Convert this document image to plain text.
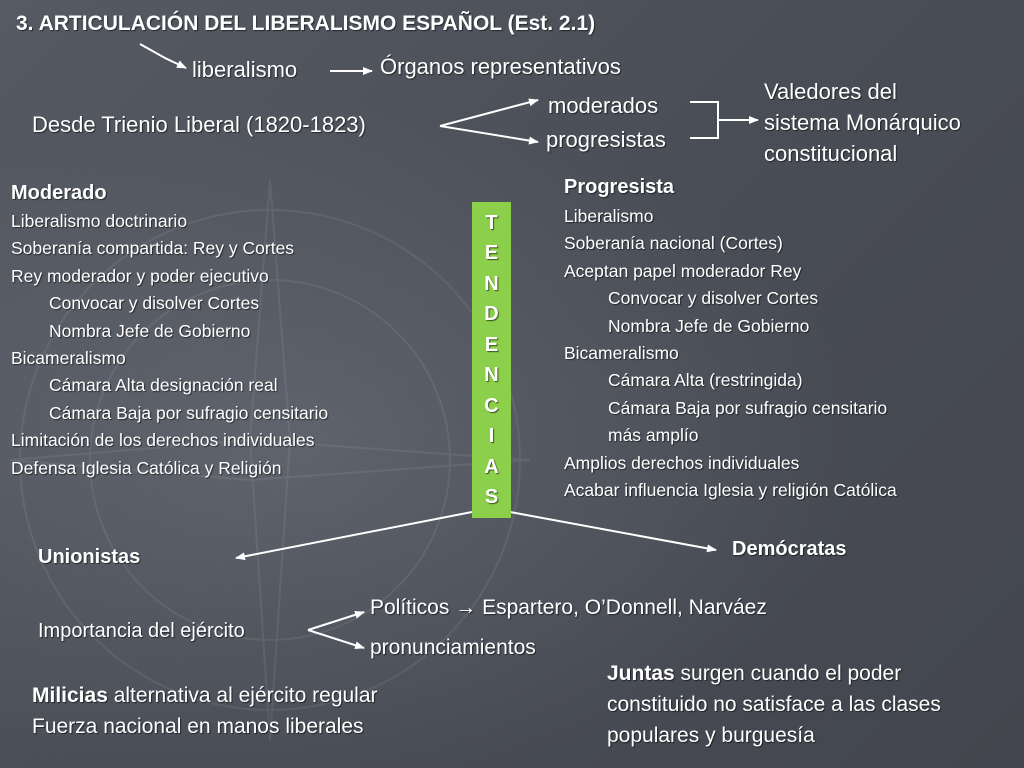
3. ARTICULACIÓN DEL LIBERALISMO ESPAÑOL (Est. 2.1)
liberalismo	Órganos representativos
Desde Trienio Liberal (1820-1823)
moderados
progresistas
Valedores del
sistema Monárquico
constitucional
Moderado
Liberalismo doctrinario
Soberanía compartida: Rey y Cortes
Rey moderador y poder ejecutivo
Convocar y disolver Cortes
Nombra Jefe de Gobierno
Bicameralismo
Cámara Alta designación real
Cámara Baja por sufragio censitario
Limitación de los derechos individuales
Defensa Iglesia Católica y Religión
T
E
N
D
E
N
C
I
A
S
Progresista
Liberalismo
Soberanía nacional (Cortes)
Aceptan papel moderador Rey
Convocar y disolver Cortes
Nombra Jefe de Gobierno
Bicameralismo
Cámara Alta (restringida)
Cámara Baja por sufragio censitario
más amplío
Amplios derechos individuales
Acabar influencia Iglesia y religión Católica
Unionistas	Demócratas
Importancia del ejército
Políticos → Espartero, O’Donnell, Narváez
pronunciamientos
Juntas surgen cuando el poder
constituido no satisface a las clases
populares y burguesía
Milicias alternativa al ejército regular
Fuerza nacional en manos liberales
